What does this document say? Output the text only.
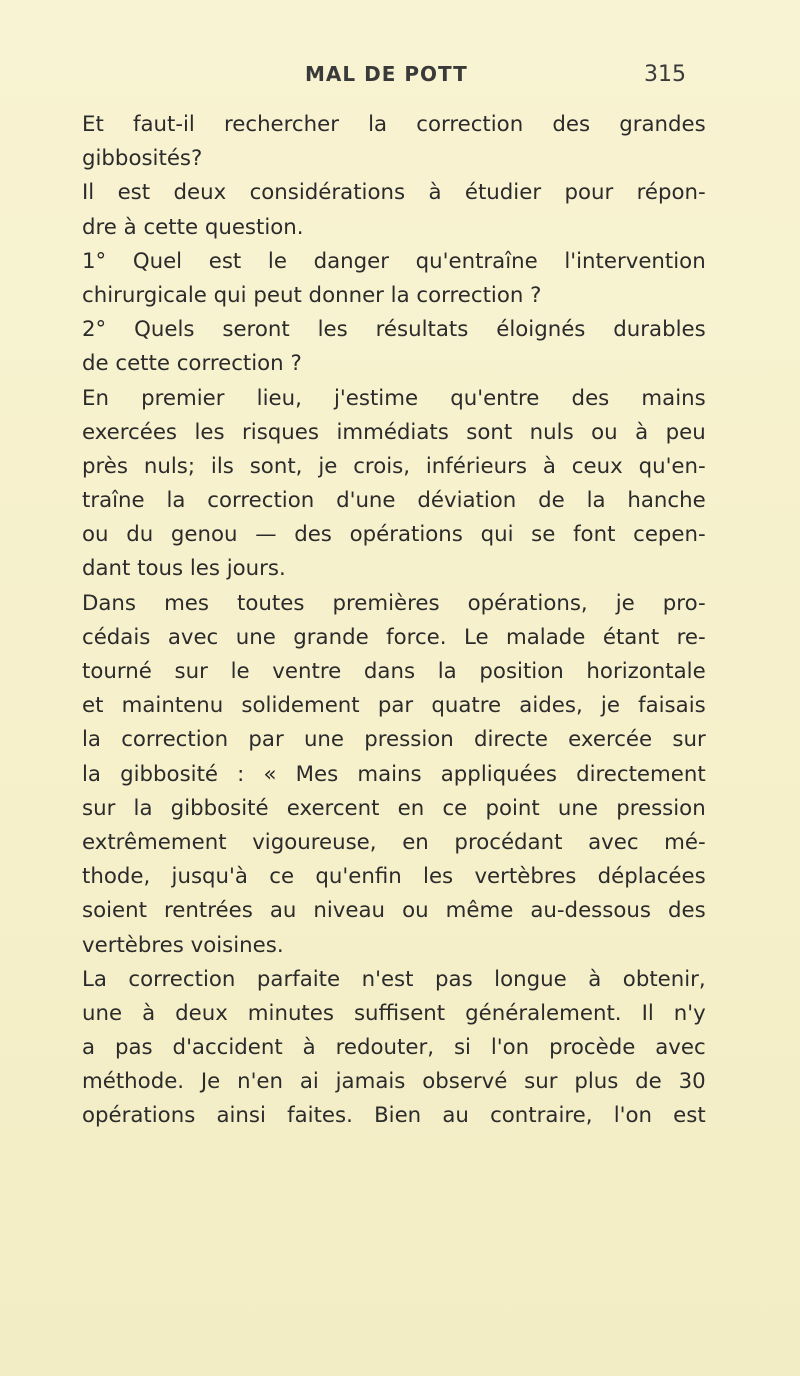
MAL DE POTT	315
Et faut-il rechercher la correction des grandes
gibbosités?
Il est deux considérations à étudier pour répon-
dre à cette question.
1° Quel est le danger qu'entraîne l'intervention
chirurgicale qui peut donner la correction ?
2° Quels seront les résultats éloignés durables
de cette correction ?
En premier lieu, j'estime qu'entre des mains
exercées les risques immédiats sont nuls ou à peu
près nuls; ils sont, je crois, inférieurs à ceux qu'en-
traîne la correction d'une déviation de la hanche
ou du genou — des opérations qui se font cepen-
dant tous les jours.
Dans mes toutes premières opérations, je pro-
cédais avec une grande force. Le malade étant re-
tourné sur le ventre dans la position horizontale
et maintenu solidement par quatre aides, je faisais
la correction par une pression directe exercée sur
la gibbosité : « Mes mains appliquées directement
sur la gibbosité exercent en ce point une pression
extrêmement vigoureuse, en procédant avec mé-
thode, jusqu'à ce qu'enfin les vertèbres déplacées
soient rentrées au niveau ou même au-dessous des
vertèbres voisines.
La correction parfaite n'est pas longue à obtenir,
une à deux minutes suffisent généralement. Il n'y
a pas d'accident à redouter, si l'on procède avec
méthode. Je n'en ai jamais observé sur plus de 30
opérations ainsi faites. Bien au contraire, l'on est
